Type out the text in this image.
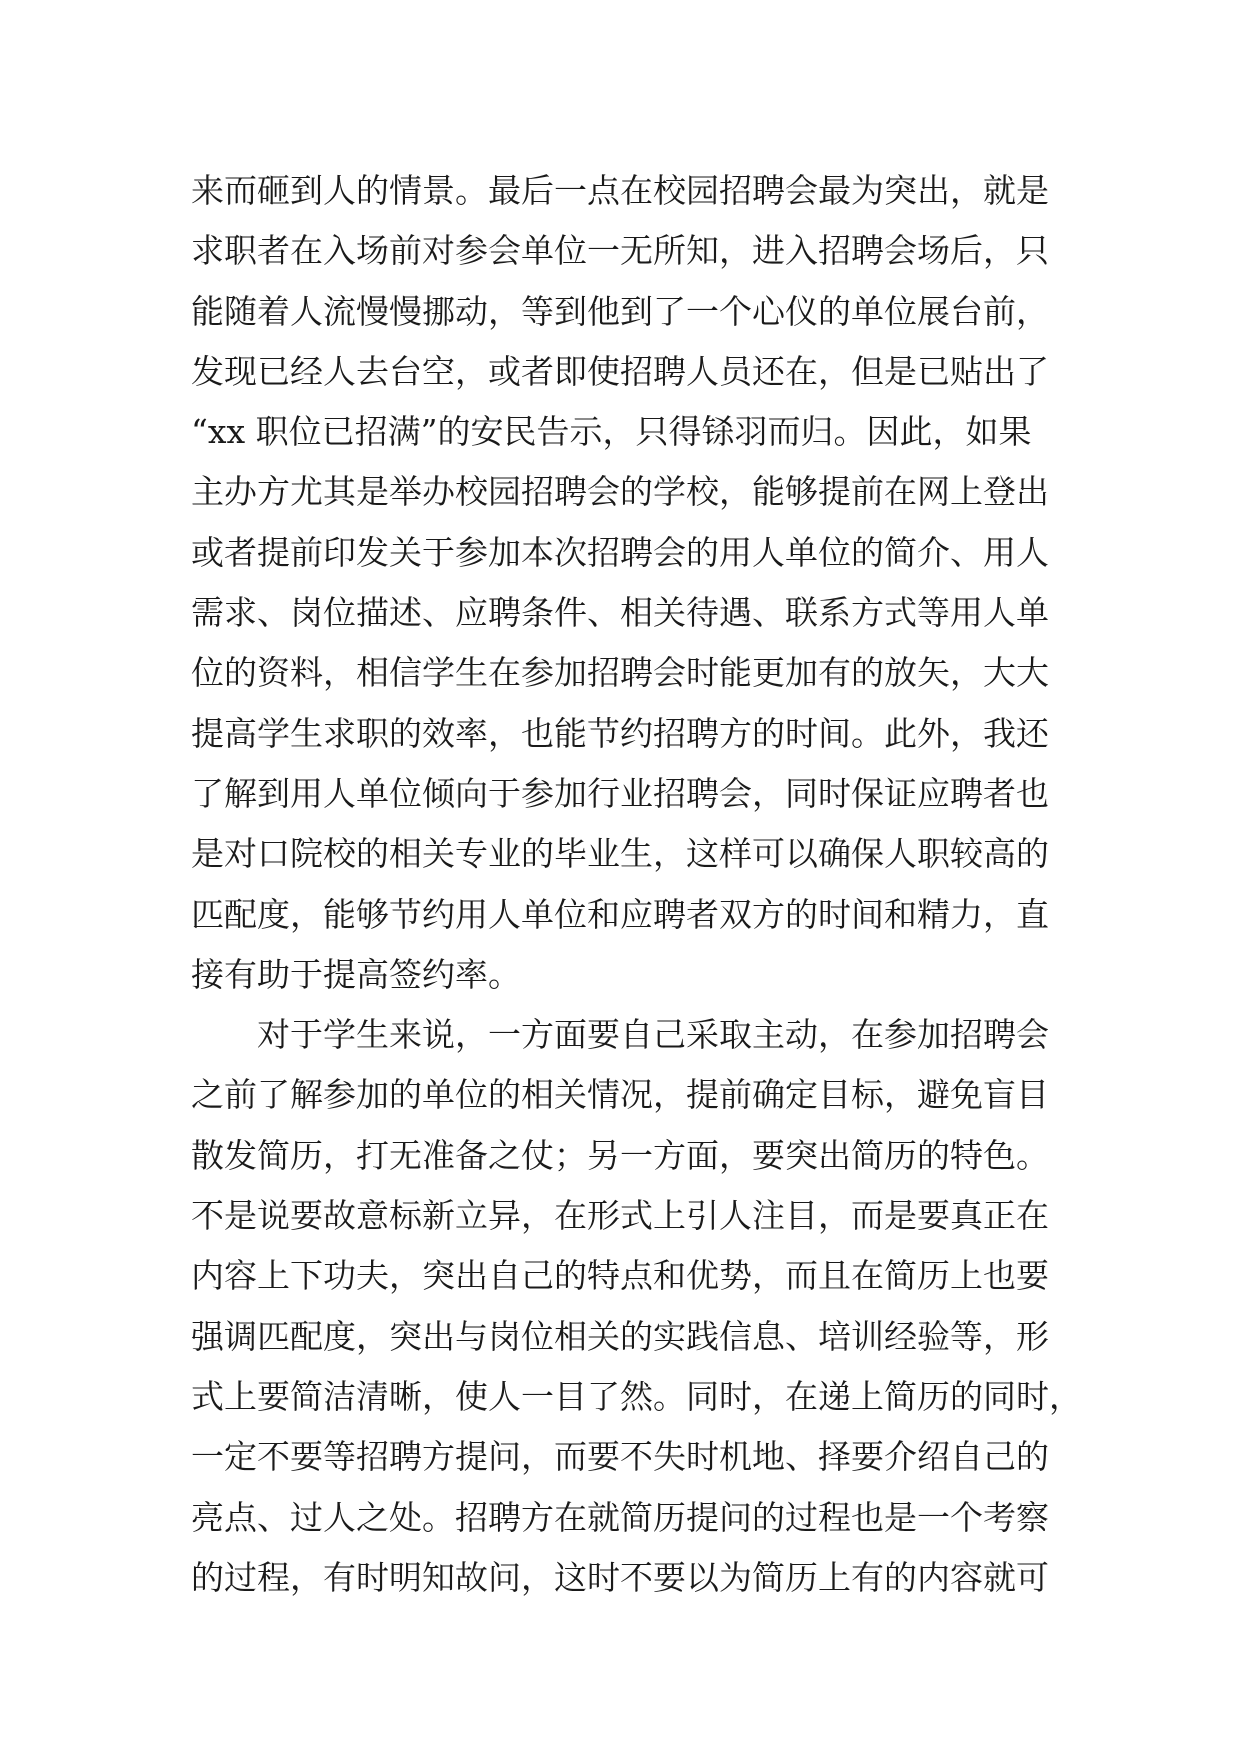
来而砸到人的情景。最后一点在校园招聘会最为突出，就是
求职者在入场前对参会单位一无所知，进入招聘会场后，只
能随着人流慢慢挪动，等到他到了一个心仪的单位展台前，
发现已经人去台空，或者即使招聘人员还在，但是已贴出了
“xx 职位已招满”的安民告示，只得铩羽而归。因此，如果
主办方尤其是举办校园招聘会的学校，能够提前在网上登出
或者提前印发关于参加本次招聘会的用人单位的简介、用人
需求、岗位描述、应聘条件、相关待遇、联系方式等用人单
位的资料，相信学生在参加招聘会时能更加有的放矢，大大
提高学生求职的效率，也能节约招聘方的时间。此外，我还
了解到用人单位倾向于参加行业招聘会，同时保证应聘者也
是对口院校的相关专业的毕业生，这样可以确保人职较高的
匹配度，能够节约用人单位和应聘者双方的时间和精力，直
接有助于提高签约率。
对于学生来说，一方面要自己采取主动，在参加招聘会
之前了解参加的单位的相关情况，提前确定目标，避免盲目
散发简历，打无准备之仗；另一方面，要突出简历的特色。
不是说要故意标新立异，在形式上引人注目，而是要真正在
内容上下功夫，突出自己的特点和优势，而且在简历上也要
强调匹配度，突出与岗位相关的实践信息、培训经验等，形
式上要简洁清晰，使人一目了然。同时，在递上简历的同时，
一定不要等招聘方提问，而要不失时机地、择要介绍自己的
亮点、过人之处。招聘方在就简历提问的过程也是一个考察
的过程，有时明知故问，这时不要以为简历上有的内容就可
